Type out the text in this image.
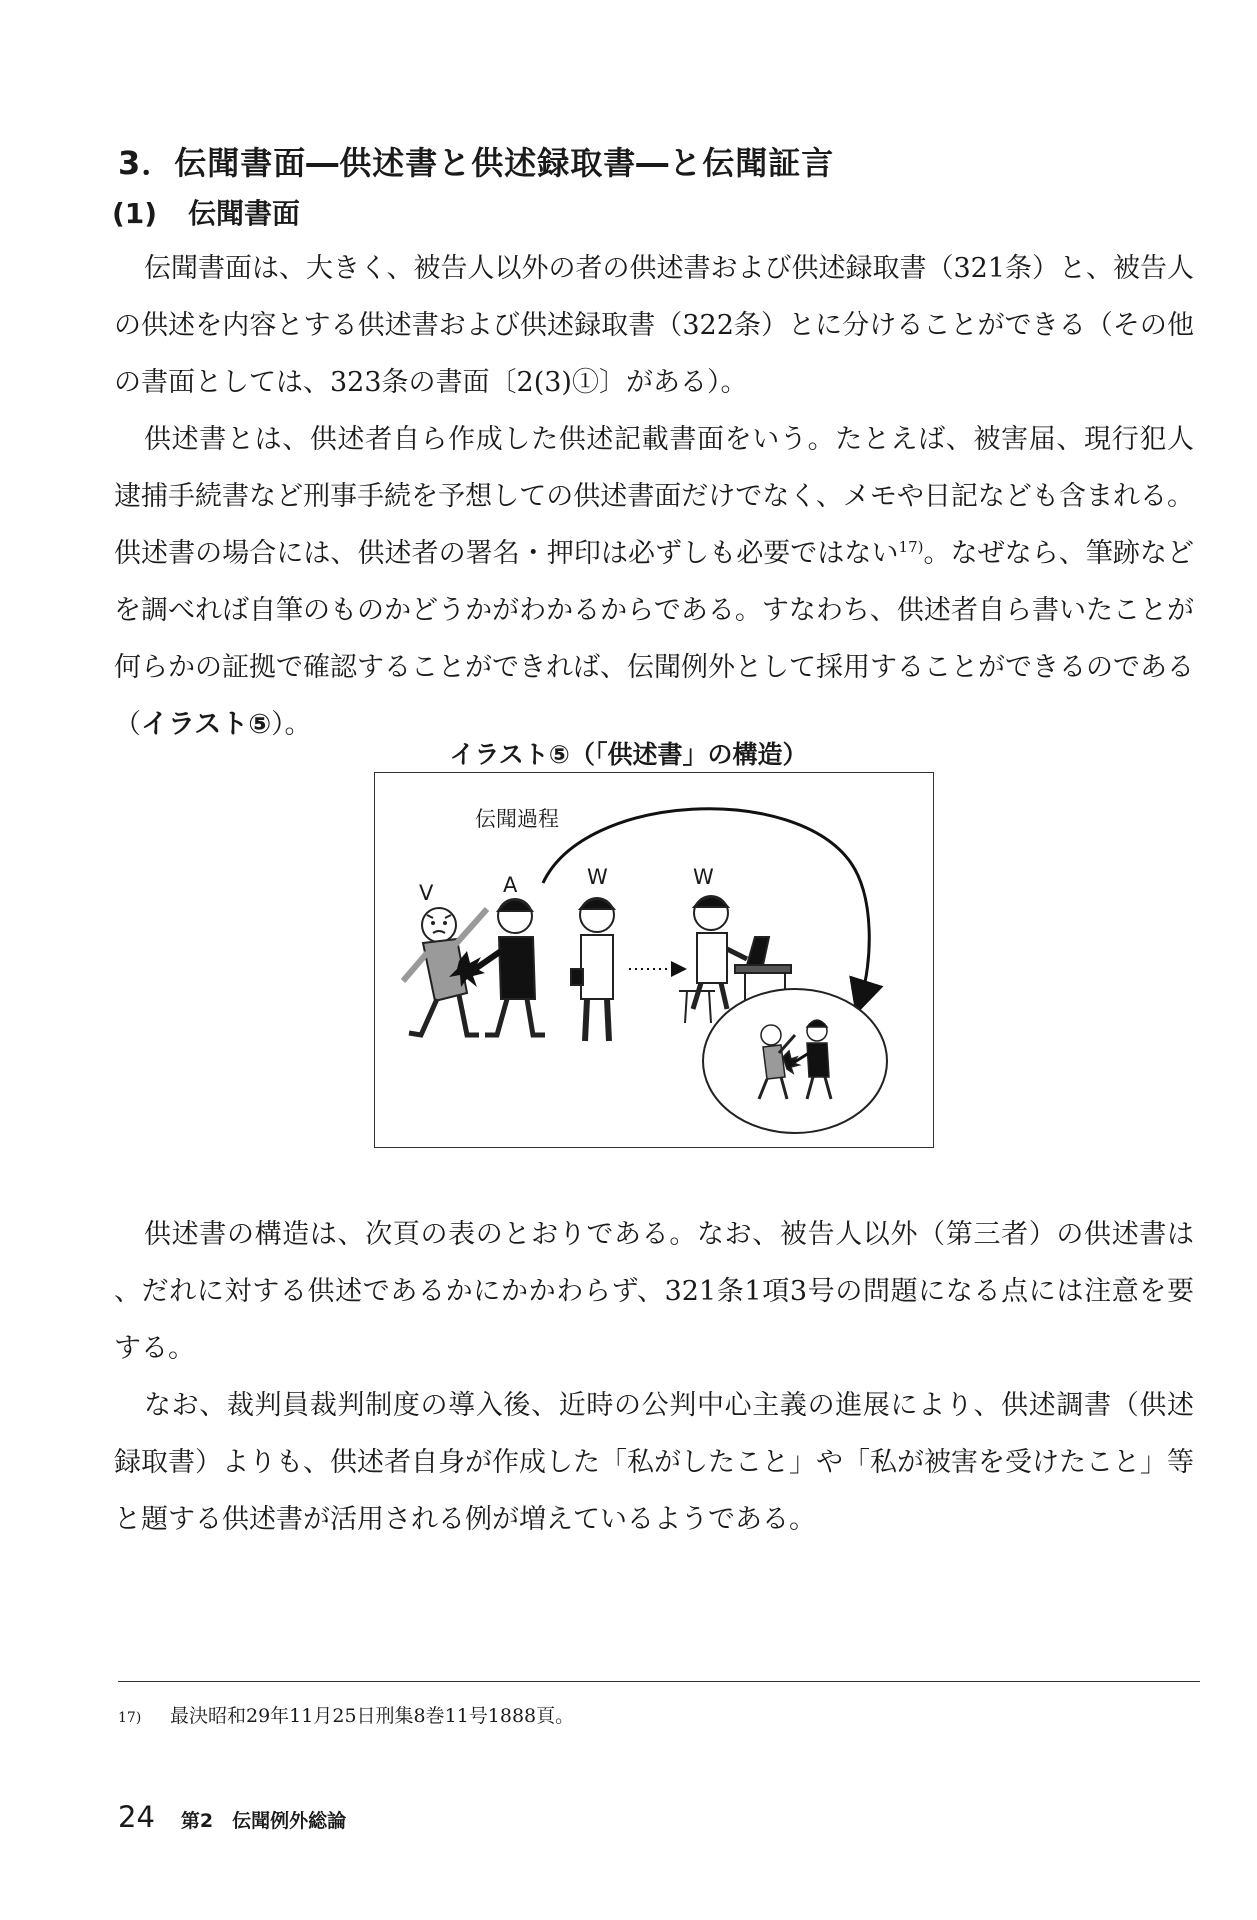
3．伝聞書面―供述書と供述録取書―と伝聞証言
(1) 伝聞書面

伝聞書面は、大きく、被告人以外の者の供述書および供述録取書（321条）と、被告人の供述を内容とする供述書および供述録取書（322条）とに分けることができる（その他の書面としては、323条の書面〔2(3)①〕がある）。

供述書とは、供述者自ら作成した供述記載書面をいう。たとえば、被害届、現行犯人逮捕手続書など刑事手続を予想しての供述書面だけでなく、メモや日記なども含まれる。供述書の場合には、供述者の署名・押印は必ずしも必要ではない$^{17)}$。なぜなら、筆跡などを調べれば自筆のものかどうかがわかるからである。すなわち、供述者自ら書いたことが何らかの証拠で確認することができれば、伝聞例外として採用することができるのである（イラスト⑤）。

イラスト⑤（「供述書」の構造）

伝聞過程
V	A	W	W

供述書の構造は、次頁の表のとおりである。なお、被告人以外（第三者）の供述書は、だれに対する供述であるかにかかわらず、321条1項3号の問題になる点には注意を要する。

なお、裁判員裁判制度の導入後、近時の公判中心主義の進展により、供述調書（供述録取書）よりも、供述者自身が作成した「私がしたこと」や「私が被害を受けたこと」等と題する供述書が活用される例が増えているようである。

17) 最決昭和29年11月25日刑集8巻11号1888頁。

24 第2　伝聞例外総論
